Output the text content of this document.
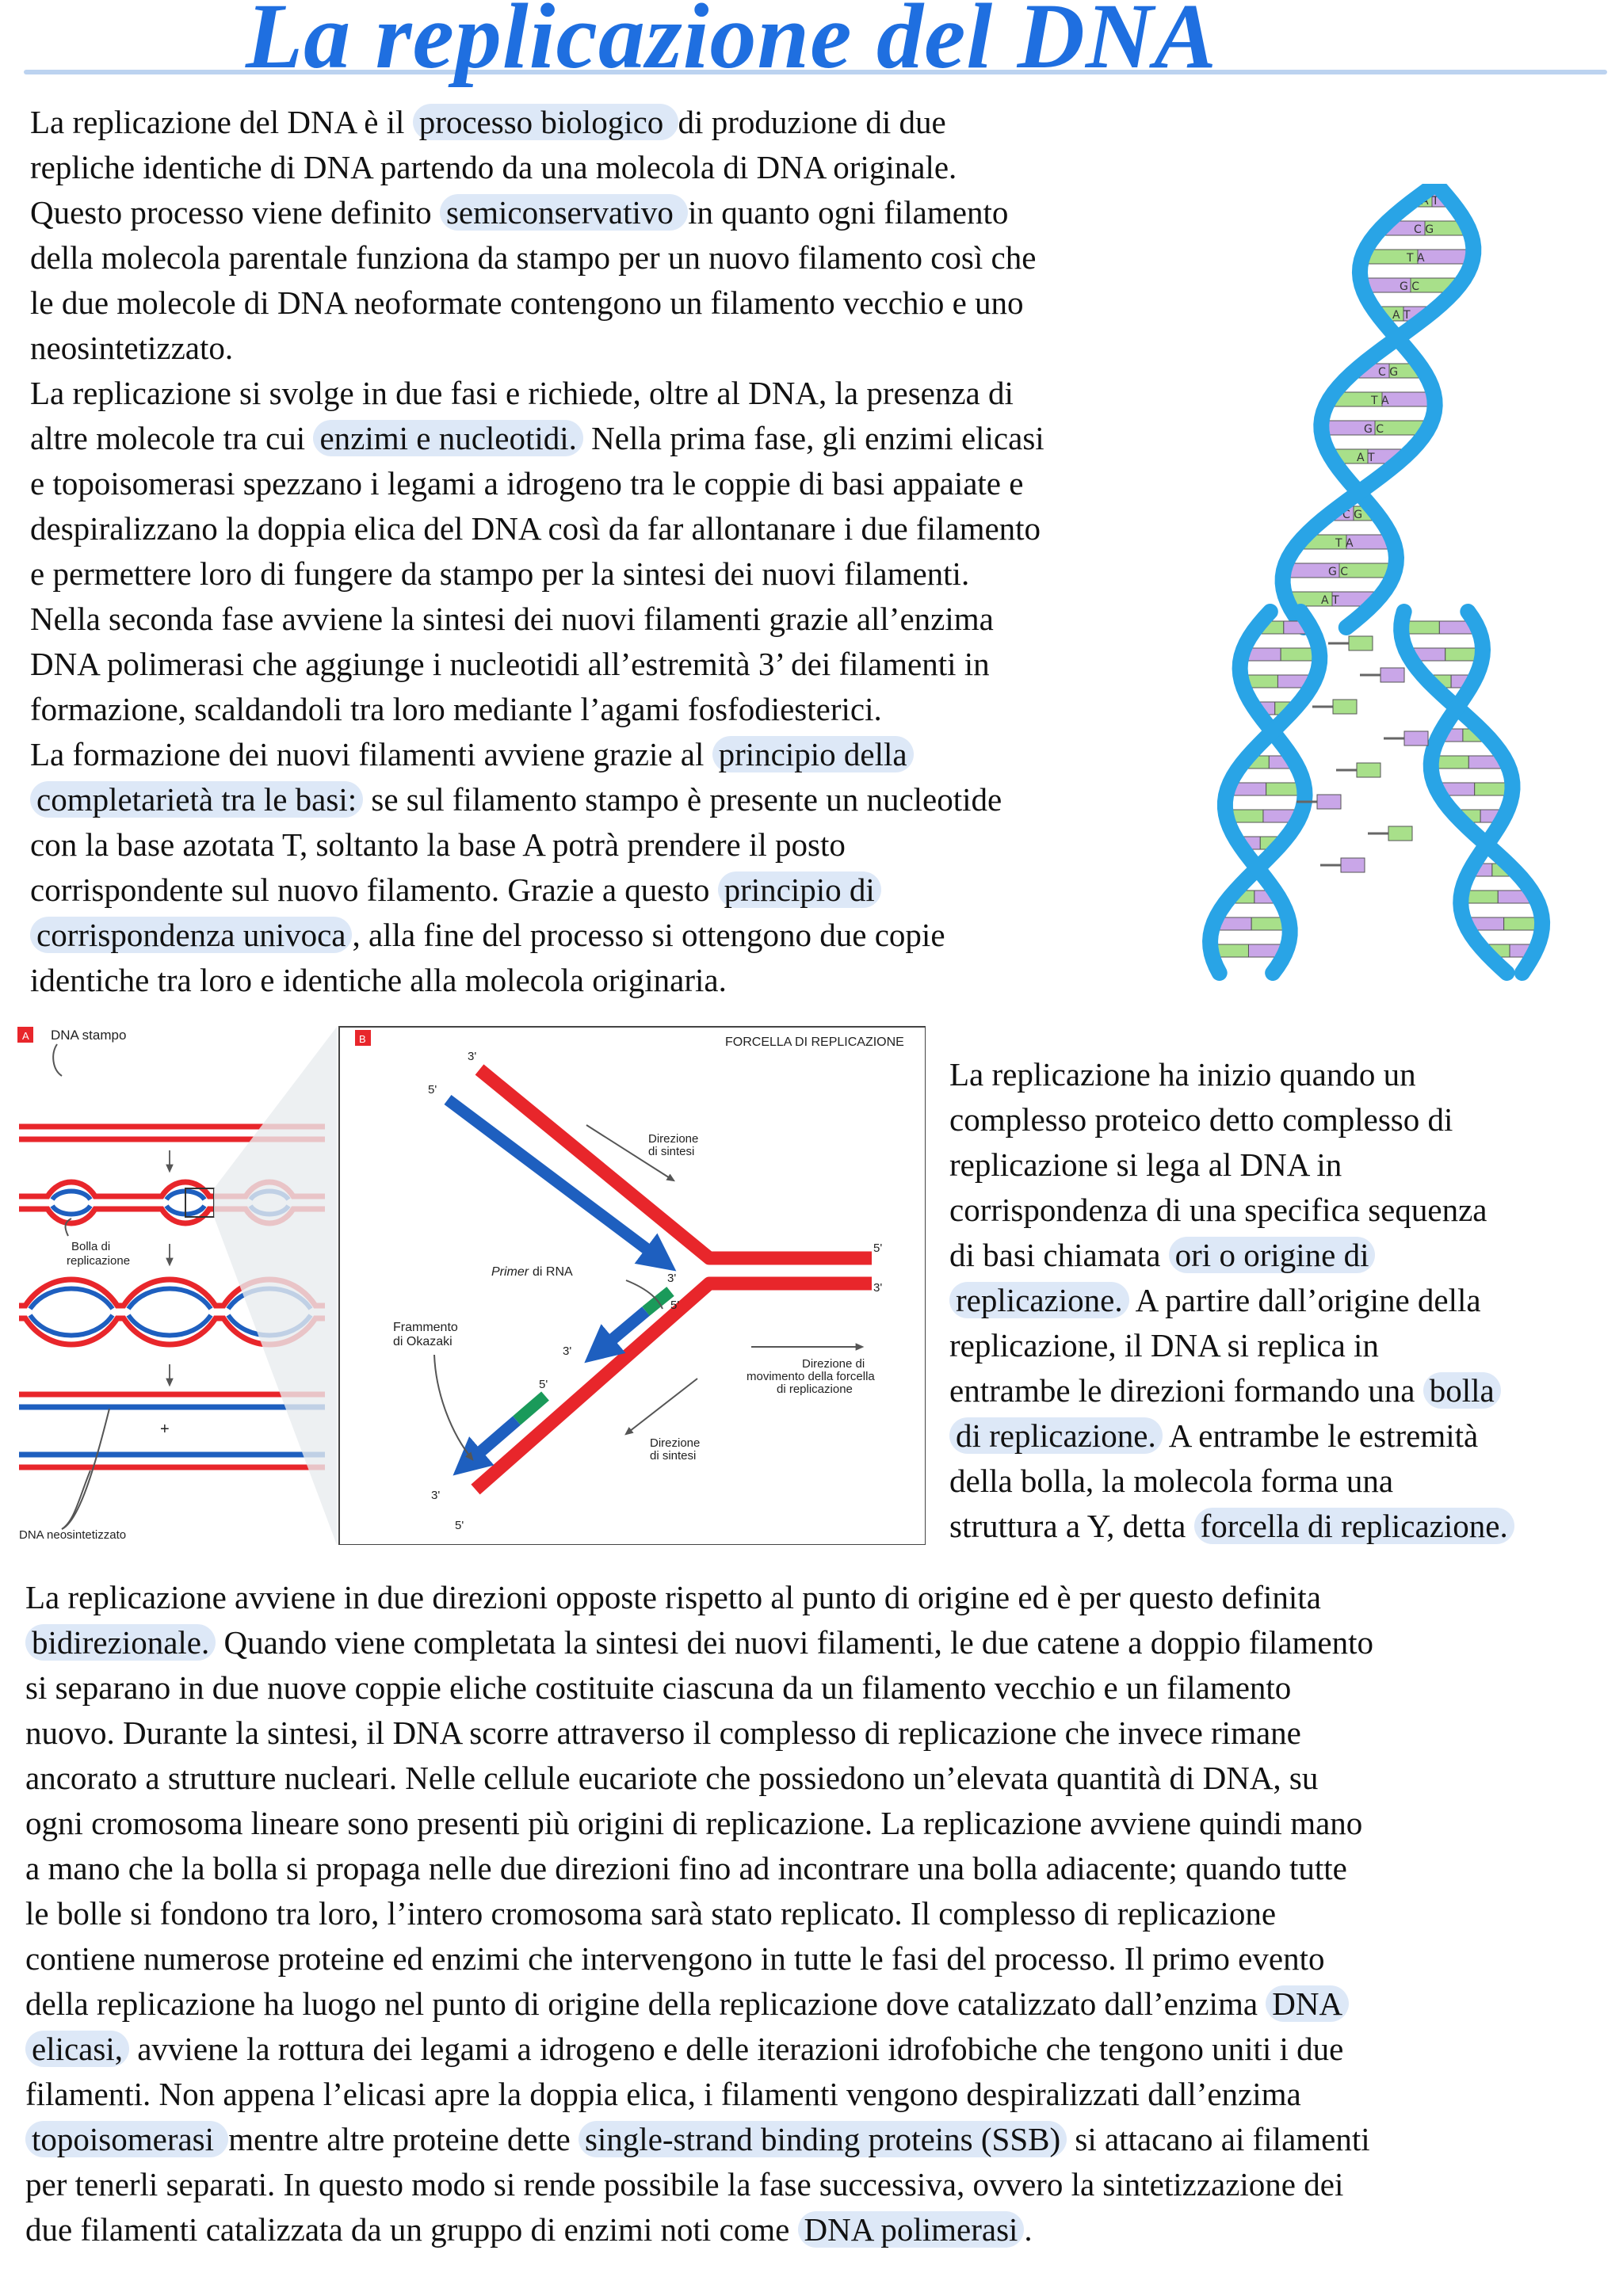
La replicazione del DNA
La replicazione del DNA è il processo biologico di produzione di due
repliche identiche di DNA partendo da una molecola di DNA originale.
Questo processo viene definito semiconservativo in quanto ogni filamento
della molecola parentale funziona da stampo per un nuovo filamento così che
le due molecole di DNA neoformate contengono un filamento vecchio e uno
neosintetizzato.
La replicazione si svolge in due fasi e richiede, oltre al DNA, la presenza di
altre molecole tra cui enzimi e nucleotidi. Nella prima fase, gli enzimi elicasi
e topoisomerasi spezzano i legami a idrogeno tra le coppie di basi appaiate e
despiralizzano la doppia elica del DNA così da far allontanare i due filamento
e permettere loro di fungere da stampo per la sintesi dei nuovi filamenti.
Nella seconda fase avviene la sintesi dei nuovi filamenti grazie all’enzima
DNA polimerasi che aggiunge i nucleotidi all’estremità 3’ dei filamenti in
formazione, scaldandoli tra loro mediante l’agami fosfodiesterici.
La formazione dei nuovi filamenti avviene grazie al principio della
completarietà tra le basi: se sul filamento stampo è presente un nucleotide
con la base azotata T, soltanto la base A potrà prendere il posto
corrispondente sul nuovo filamento. Grazie a questo principio di
corrispondenza univoca , alla fine del processo si ottengono due copie
identiche tra loro e identiche alla molecola originaria.
A T
C G
T A
G C
A T
C G
T A
G C
A T
C G
T A
G C
A T
A DNA stampo
Bolla di
replicazione
+
DNA neosintetizzato
B	FORCELLA DI REPLICAZIONE
Direzione
di sintesi
Direzione di
movimento della forcella
di replicazione
Direzione
di sintesi
Primer di RNA
Frammento
di Okazaki
3'
5'
3'
5'
5'
3'
3'
5'
3'
5'
La replicazione ha inizio quando un
complesso proteico detto complesso di
replicazione si lega al DNA in
corrispondenza di una specifica sequenza
di basi chiamata ori o origine di
replicazione. A partire dall’origine della
replicazione, il DNA si replica in
entrambe le direzioni formando una bolla
di replicazione. A entrambe le estremità
della bolla, la molecola forma una
struttura a Y, detta forcella di replicazione.
La replicazione avviene in due direzioni opposte rispetto al punto di origine ed è per questo definita
bidirezionale. Quando viene completata la sintesi dei nuovi filamenti, le due catene a doppio filamento
si separano in due nuove coppie eliche costituite ciascuna da un filamento vecchio e un filamento
nuovo. Durante la sintesi, il DNA scorre attraverso il complesso di replicazione che invece rimane
ancorato a strutture nucleari. Nelle cellule eucariote che possiedono un’elevata quantità di DNA, su
ogni cromosoma lineare sono presenti più origini di replicazione. La replicazione avviene quindi mano
a mano che la bolla si propaga nelle due direzioni fino ad incontrare una bolla adiacente; quando tutte
le bolle si fondono tra loro, l’intero cromosoma sarà stato replicato. Il complesso di replicazione
contiene numerose proteine ed enzimi che intervengono in tutte le fasi del processo. Il primo evento
della replicazione ha luogo nel punto di origine della replicazione dove catalizzato dall’enzima DNA
elicasi, avviene la rottura dei legami a idrogeno e delle iterazioni idrofobiche che tengono uniti i due
filamenti. Non appena l’elicasi apre la doppia elica, i filamenti vengono despiralizzati dall’enzima
topoisomerasi mentre altre proteine dette single-strand binding proteins (SSB) si attacano ai filamenti
per tenerli separati. In questo modo si rende possibile la fase successiva, ovvero la sintetizzazione dei
due filamenti catalizzata da un gruppo di enzimi noti come DNA polimerasi .
